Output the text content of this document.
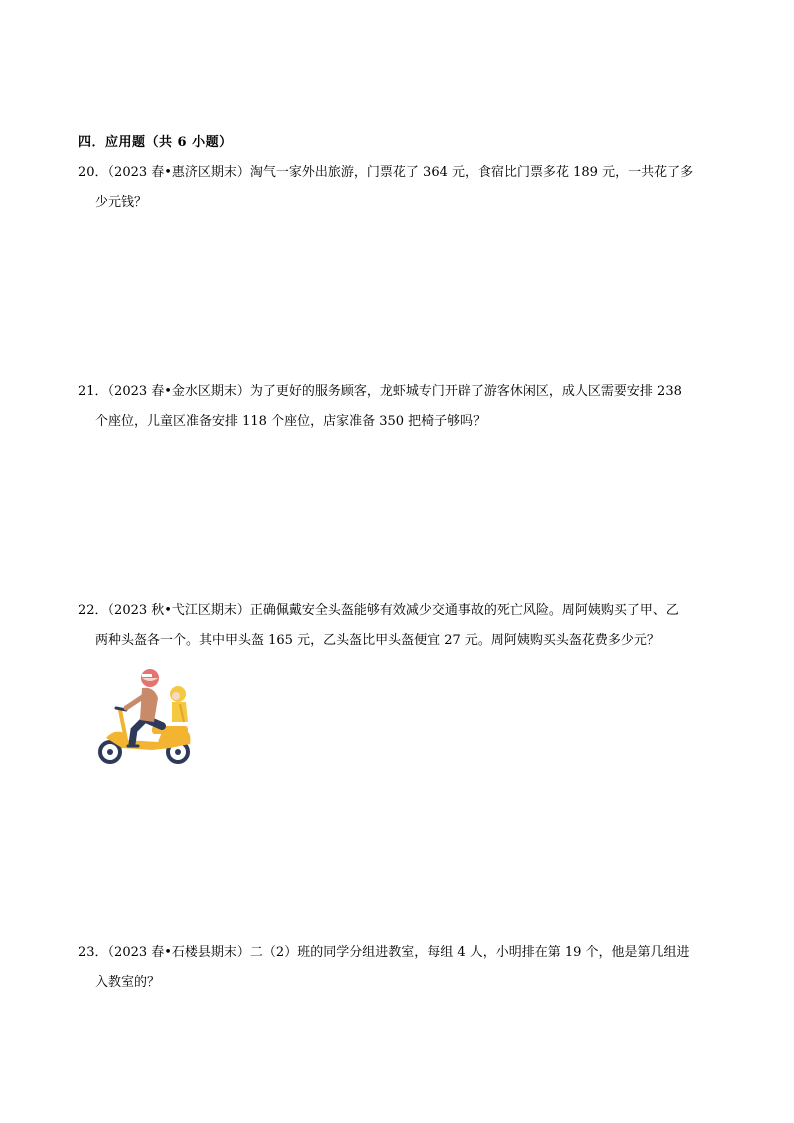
四．应用题（共 6 小题）
20．（2023 春•惠济区期末）淘气一家外出旅游，门票花了 364 元，食宿比门票多花 189 元，一共花了多
少元钱？
21．（2023 春•金水区期末）为了更好的服务顾客，龙虾城专门开辟了游客休闲区，成人区需要安排 238
个座位，儿童区准备安排 118 个座位，店家准备 350 把椅子够吗？
22．（2023 秋•弋江区期末）正确佩戴安全头盔能够有效减少交通事故的死亡风险。周阿姨购买了甲、乙
两种头盔各一个。其中甲头盔 165 元，乙头盔比甲头盔便宜 27 元。周阿姨购买头盔花费多少元？
23．（2023 春•石楼县期末）二（2）班的同学分组进教室，每组 4 人，小明排在第 19 个，他是第几组进
入教室的？
